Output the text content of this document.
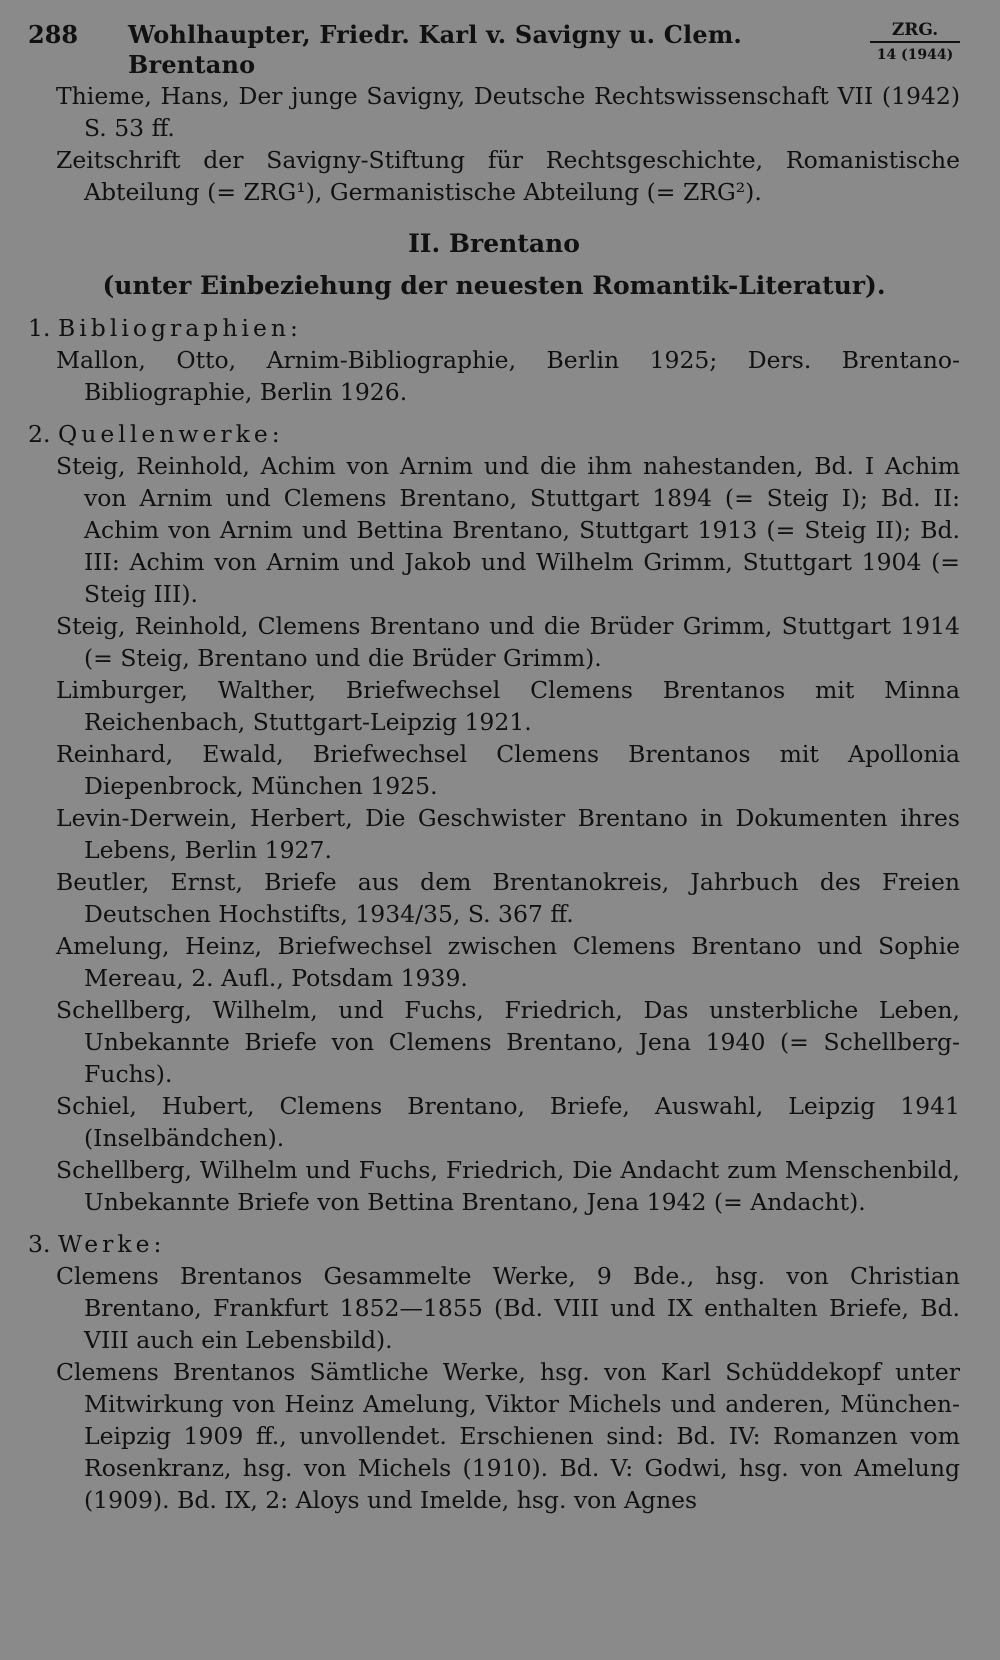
288	Wohlhaupter, Friedr. Karl v. Savigny u. Clem. Brentano
ZRG.
14 (1944)

Thieme, Hans, Der junge Savigny, Deutsche Rechtswissenschaft VII (1942) S. 53 ff.

Zeitschrift der Savigny-Stiftung für Rechtsgeschichte, Romanistische Abteilung (= ZRG¹), Germanistische Abteilung (= ZRG²).

II. Brentano
(unter Einbeziehung der neuesten Romantik-Literatur).

1. Bibliographien:

Mallon, Otto, Arnim-Bibliographie, Berlin 1925; Ders. Brentano-Bibliographie, Berlin 1926.

2. Quellenwerke:

Steig, Reinhold, Achim von Arnim und die ihm nahestanden, Bd. I Achim von Arnim und Clemens Brentano, Stuttgart 1894 (= Steig I); Bd. II: Achim von Arnim und Bettina Brentano, Stuttgart 1913 (= Steig II); Bd. III: Achim von Arnim und Jakob und Wilhelm Grimm, Stuttgart 1904 (= Steig III).

Steig, Reinhold, Clemens Brentano und die Brüder Grimm, Stuttgart 1914 (= Steig, Brentano und die Brüder Grimm).

Limburger, Walther, Briefwechsel Clemens Brentanos mit Minna Reichenbach, Stuttgart-Leipzig 1921.

Reinhard, Ewald, Briefwechsel Clemens Brentanos mit Apollonia Diepenbrock, München 1925.

Levin-Derwein, Herbert, Die Geschwister Brentano in Dokumenten ihres Lebens, Berlin 1927.

Beutler, Ernst, Briefe aus dem Brentanokreis, Jahrbuch des Freien Deutschen Hochstifts, 1934/35, S. 367 ff.

Amelung, Heinz, Briefwechsel zwischen Clemens Brentano und Sophie Mereau, 2. Aufl., Potsdam 1939.

Schellberg, Wilhelm, und Fuchs, Friedrich, Das unsterbliche Leben, Unbekannte Briefe von Clemens Brentano, Jena 1940 (= Schellberg-Fuchs).

Schiel, Hubert, Clemens Brentano, Briefe, Auswahl, Leipzig 1941 (Inselbändchen).

Schellberg, Wilhelm und Fuchs, Friedrich, Die Andacht zum Menschenbild, Unbekannte Briefe von Bettina Brentano, Jena 1942 (= Andacht).

3. Werke:

Clemens Brentanos Gesammelte Werke, 9 Bde., hsg. von Christian Brentano, Frankfurt 1852—1855 (Bd. VIII und IX enthalten Briefe, Bd. VIII auch ein Lebensbild).

Clemens Brentanos Sämtliche Werke, hsg. von Karl Schüddekopf unter Mitwirkung von Heinz Amelung, Viktor Michels und anderen, München-Leipzig 1909 ff., unvollendet. Erschienen sind: Bd. IV: Romanzen vom Rosenkranz, hsg. von Michels (1910). Bd. V: Godwi, hsg. von Amelung (1909). Bd. IX, 2: Aloys und Imelde, hsg. von Agnes
